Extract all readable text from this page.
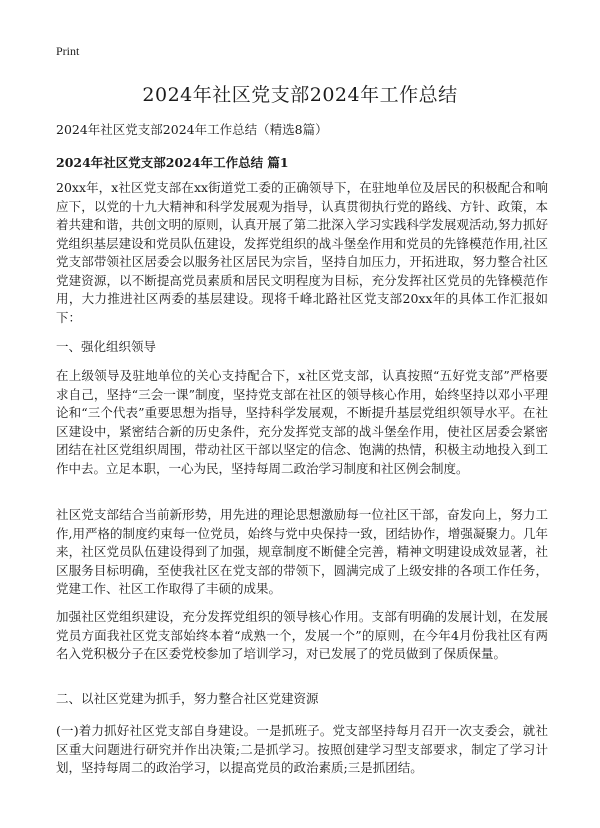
Print
2024年社区党支部2024年工作总结
2024年社区党支部2024年工作总结（精选8篇）
2024年社区党支部2024年工作总结 篇1

20xx年，x社区党支部在xx街道党工委的正确领导下，在驻地单位及居民的积极配合和响应下，以党的十九大精神和科学发展观为指导，认真贯彻执行党的路线、方针、政策，本着共建和谐，共创文明的原则，认真开展了第二批深入学习实践科学发展观活动,努力抓好党组织基层建设和党员队伍建设，发挥党组织的战斗堡垒作用和党员的先锋模范作用,社区党支部带领社区居委会以服务社区居民为宗旨，坚持自加压力，开拓进取，努力整合社区党建资源，以不断提高党员素质和居民文明程度为目标，充分发挥社区党员的先锋模范作用，大力推进社区两委的基层建设。现将千峰北路社区党支部20xx年的具体工作汇报如下：

一、强化组织领导

在上级领导及驻地单位的关心支持配合下，x社区党支部，认真按照“五好党支部”严格要求自己，坚持“三会一课”制度，坚持党支部在社区的领导核心作用，始终坚持以邓小平理论和“三个代表”重要思想为指导，坚持科学发展观，不断提升基层党组织领导水平。在社区建设中，紧密结合新的历史条件，充分发挥党支部的战斗堡垒作用，使社区居委会紧密团结在社区党组织周围，带动社区干部以坚定的信念、饱满的热情，积极主动地投入到工作中去。立足本职，一心为民，坚持每周二政治学习制度和社区例会制度。

社区党支部结合当前新形势，用先进的理论思想激励每一位社区干部，奋发向上，努力工作,用严格的制度约束每一位党员，始终与党中央保持一致，团结协作，增强凝聚力。几年来，社区党员队伍建设得到了加强，规章制度不断健全完善，精神文明建设成效显著，社区服务目标明确，至使我社区在党支部的带领下，圆满完成了上级安排的各项工作任务，党建工作、社区工作取得了丰硕的成果。

加强社区党组织建设，充分发挥党组织的领导核心作用。支部有明确的发展计划，在发展党员方面我社区党支部始终本着“成熟一个，发展一个”的原则，在今年4月份我社区有两名入党积极分子在区委党校参加了培训学习，对已发展了的党员做到了保质保量。

二、以社区党建为抓手，努力整合社区党建资源

(一)着力抓好社区党支部自身建设。一是抓班子。党支部坚持每月召开一次支委会，就社区重大问题进行研究并作出决策;二是抓学习。按照创建学习型支部要求，制定了学习计划，坚持每周二的政治学习，以提高党员的政治素质;三是抓团结。
